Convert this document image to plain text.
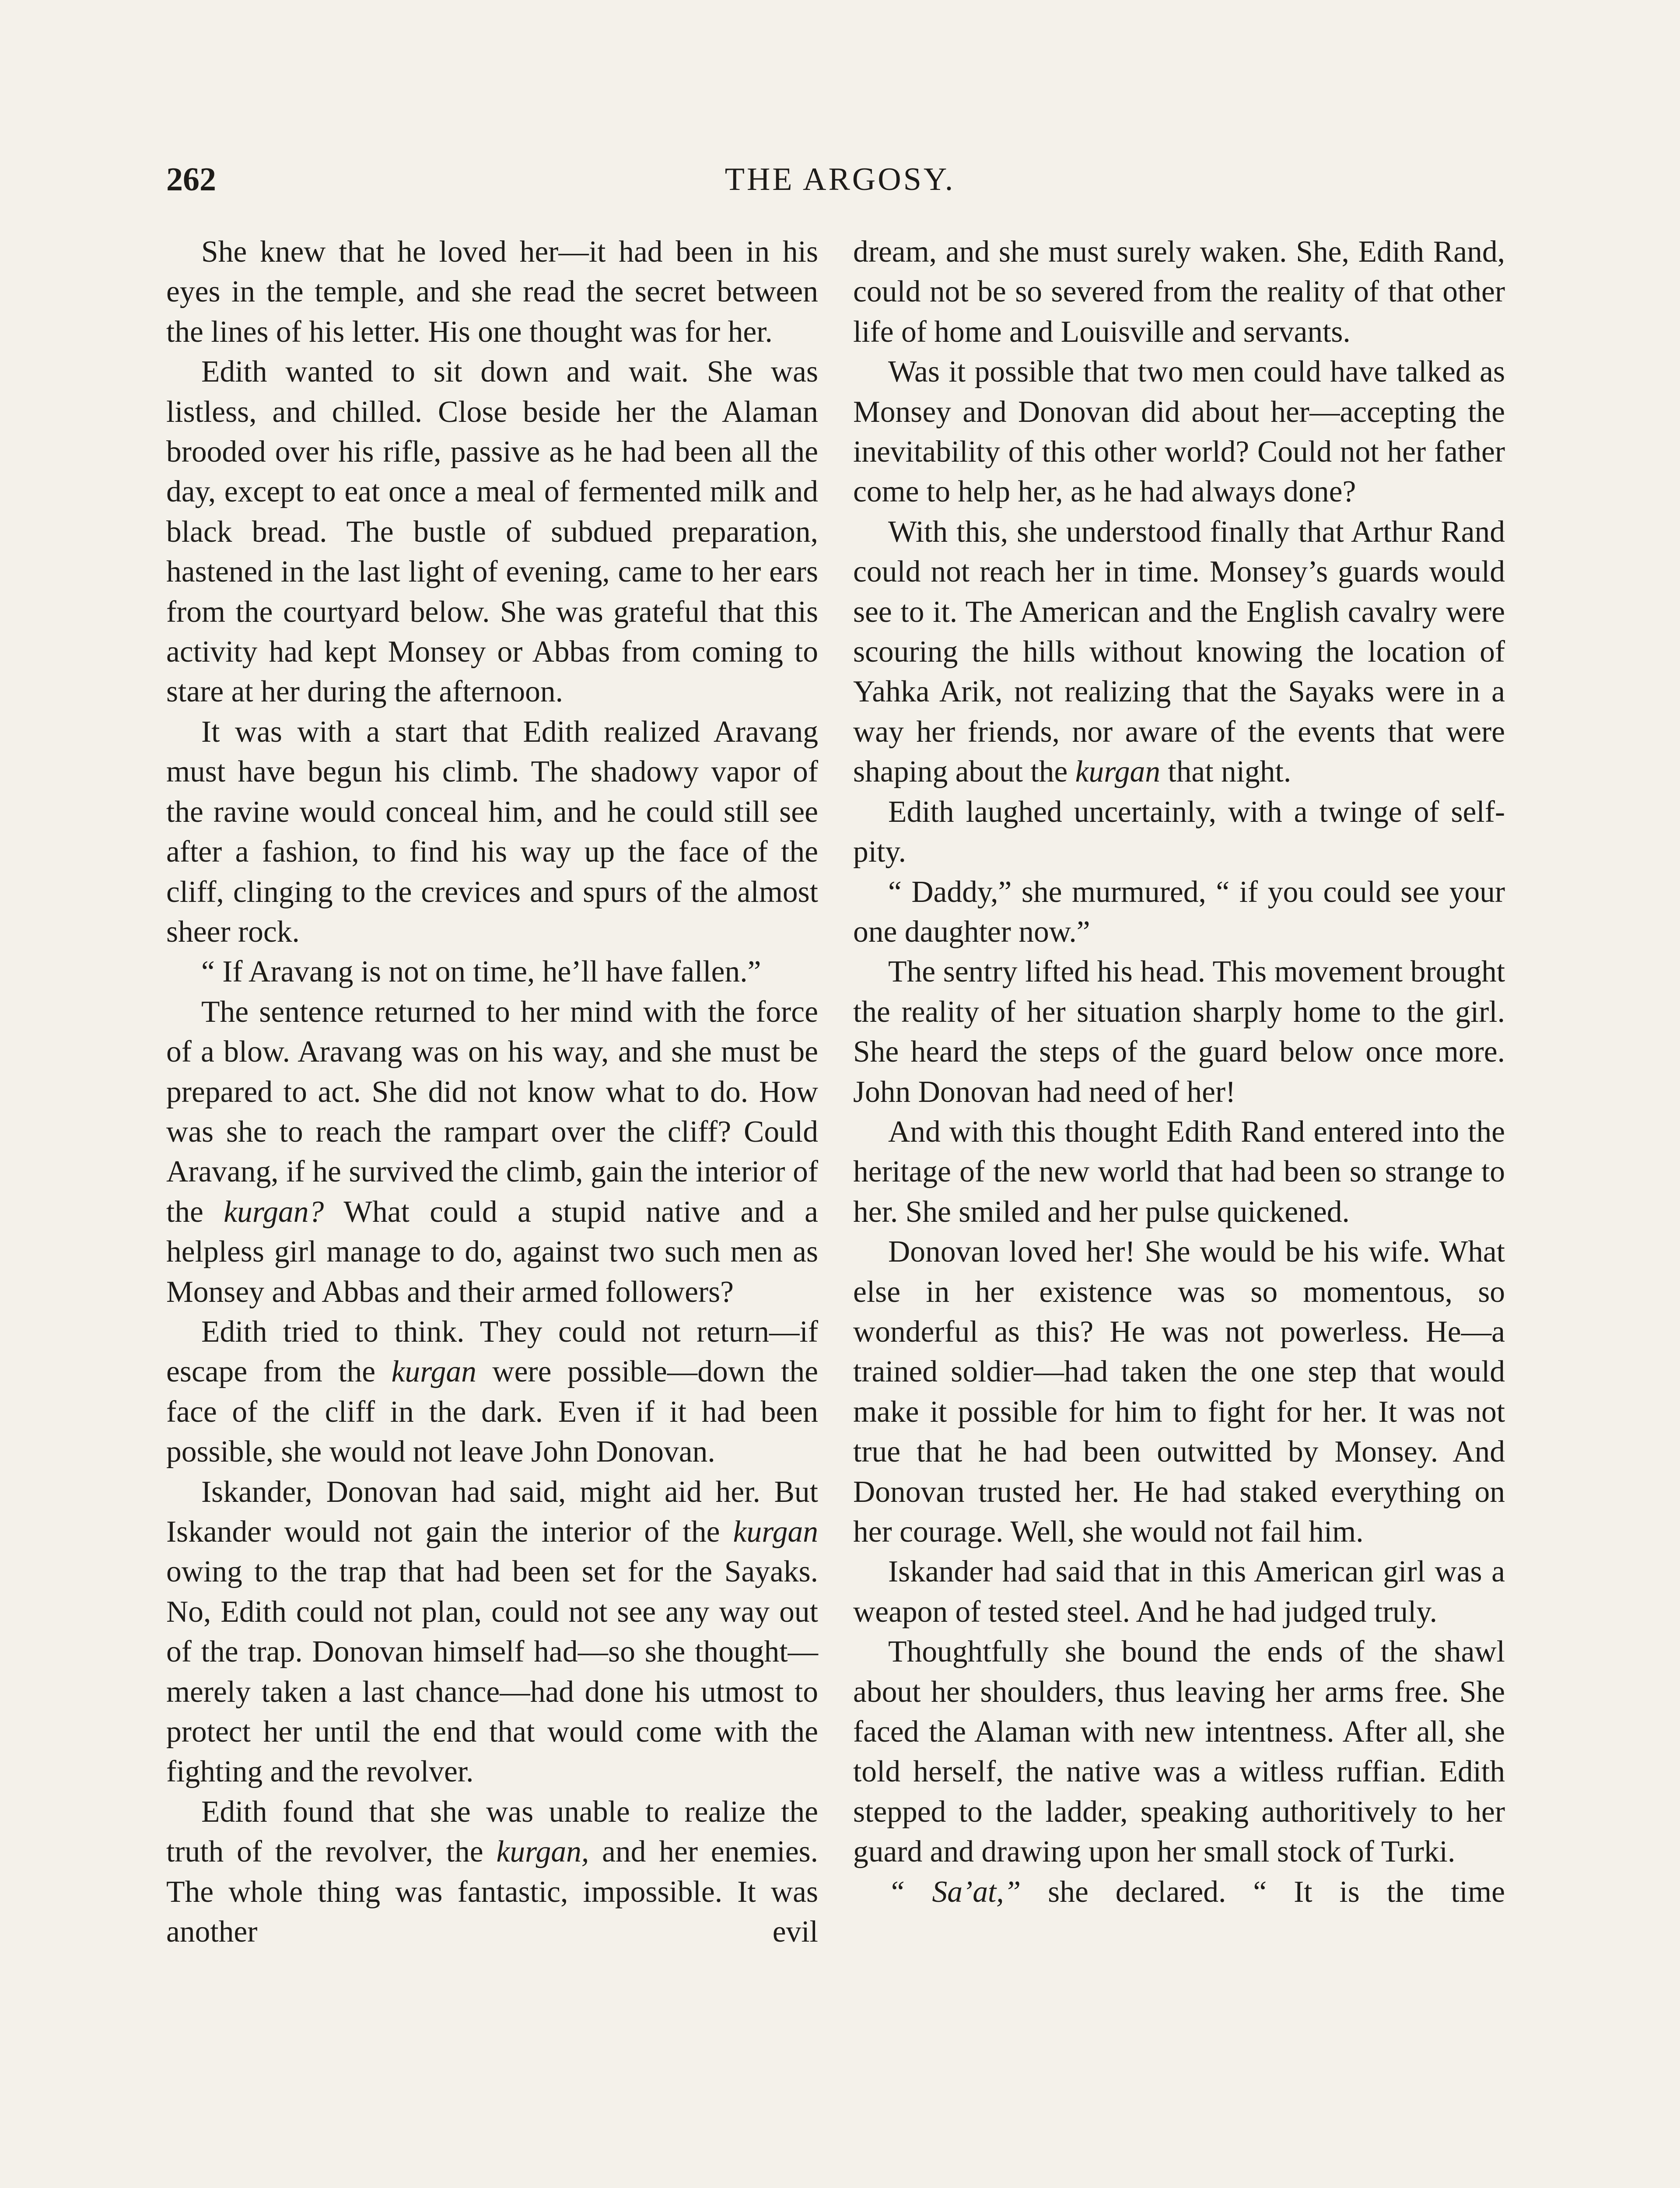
262	THE ARGOSY.

She knew that he loved her—it had been in his eyes in the temple, and she read the secret between the lines of his letter. His one thought was for her.

Edith wanted to sit down and wait. She was listless, and chilled. Close beside her the Alaman brooded over his rifle, passive as he had been all the day, except to eat once a meal of fermented milk and black bread. The bustle of subdued preparation, hastened in the last light of evening, came to her ears from the courtyard below. She was grateful that this activity had kept Monsey or Abbas from coming to stare at her during the afternoon.

It was with a start that Edith realized Aravang must have begun his climb. The shadowy vapor of the ravine would conceal him, and he could still see after a fashion, to find his way up the face of the cliff, clinging to the crevices and spurs of the almost sheer rock.

“ If Aravang is not on time, he’ll have fallen.”

The sentence returned to her mind with the force of a blow. Aravang was on his way, and she must be prepared to act. She did not know what to do. How was she to reach the rampart over the cliff? Could Aravang, if he survived the climb, gain the interior of the kurgan? What could a stupid native and a helpless girl manage to do, against two such men as Monsey and Abbas and their armed followers?

Edith tried to think. They could not return—if escape from the kurgan were possible—down the face of the cliff in the dark. Even if it had been possible, she would not leave John Donovan.

Iskander, Donovan had said, might aid her. But Iskander would not gain the interior of the kurgan owing to the trap that had been set for the Sayaks. No, Edith could not plan, could not see any way out of the trap. Donovan himself had—so she thought—merely taken a last chance—had done his utmost to protect her until the end that would come with the fighting and the revolver.

Edith found that she was unable to realize the truth of the revolver, the kurgan, and her enemies. The whole thing was fantastic, impossible. It was another evil

dream, and she must surely waken. She, Edith Rand, could not be so severed from the reality of that other life of home and Louisville and servants.

Was it possible that two men could have talked as Monsey and Donovan did about her—accepting the inevitability of this other world? Could not her father come to help her, as he had always done?

With this, she understood finally that Arthur Rand could not reach her in time. Monsey’s guards would see to it. The American and the English cavalry were scouring the hills without knowing the location of Yahka Arik, not realizing that the Sayaks were in a way her friends, nor aware of the events that were shaping about the kurgan that night.

Edith laughed uncertainly, with a twinge of self-pity.

“ Daddy,” she murmured, “ if you could see your one daughter now.”

The sentry lifted his head. This movement brought the reality of her situation sharply home to the girl. She heard the steps of the guard below once more. John Donovan had need of her!

And with this thought Edith Rand entered into the heritage of the new world that had been so strange to her. She smiled and her pulse quickened.

Donovan loved her! She would be his wife. What else in her existence was so momentous, so wonderful as this? He was not powerless. He—a trained soldier—had taken the one step that would make it possible for him to fight for her. It was not true that he had been outwitted by Monsey. And Donovan trusted her. He had staked everything on her courage. Well, she would not fail him.

Iskander had said that in this American girl was a weapon of tested steel. And he had judged truly.

Thoughtfully she bound the ends of the shawl about her shoulders, thus leaving her arms free. She faced the Alaman with new intentness. After all, she told herself, the native was a witless ruffian. Edith stepped to the ladder, speaking authoritively to her guard and drawing upon her small stock of Turki.

“ Sa’at,” she declared. “ It is the time
